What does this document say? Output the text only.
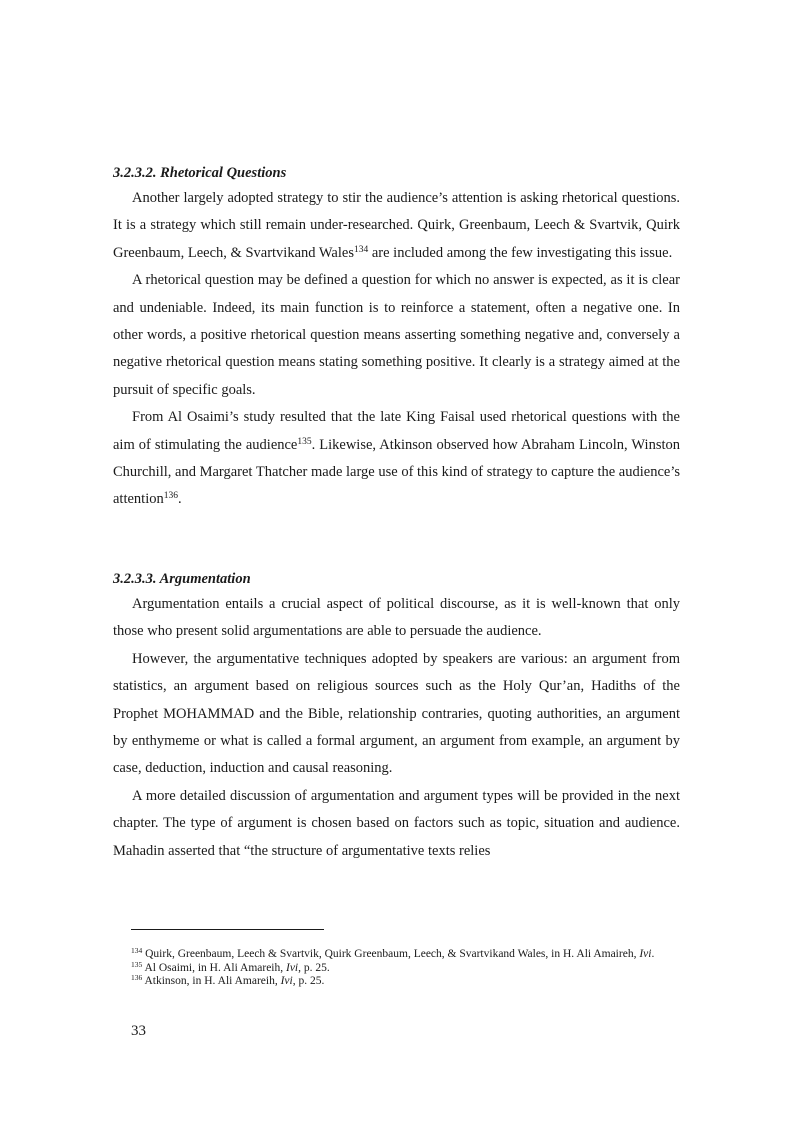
3.2.3.2. Rhetorical Questions

Another largely adopted strategy to stir the audience’s attention is asking rhetorical questions. It is a strategy which still remain under-researched. Quirk, Greenbaum, Leech & Svartvik, Quirk Greenbaum, Leech, & Svartvikand Wales$^{134}$ are included among the few investigating this issue.

A rhetorical question may be defined a question for which no answer is expected, as it is clear and undeniable. Indeed, its main function is to reinforce a statement, often a negative one. In other words, a positive rhetorical question means asserting something negative and, conversely a negative rhetorical question means stating something positive. It clearly is a strategy aimed at the pursuit of specific goals.

From Al Osaimi’s study resulted that the late King Faisal used rhetorical questions with the aim of stimulating the audience$^{135}$. Likewise, Atkinson observed how Abraham Lincoln, Winston Churchill, and Margaret Thatcher made large use of this kind of strategy to capture the audience’s attention$^{136}$.

3.2.3.3. Argumentation

Argumentation entails a crucial aspect of political discourse, as it is well-known that only those who present solid argumentations are able to persuade the audience.

However, the argumentative techniques adopted by speakers are various: an argument from statistics, an argument based on religious sources such as the Holy Qur’an, Hadiths of the Prophet MOHAMMAD and the Bible, relationship contraries, quoting authorities, an argument by enthymeme or what is called a formal argument, an argument from example, an argument by case, deduction, induction and causal reasoning.

A more detailed discussion of argumentation and argument types will be provided in the next chapter. The type of argument is chosen based on factors such as topic, situation and audience. Mahadin asserted that “the structure of argumentative texts relies

$^{134}$ Quirk, Greenbaum, Leech & Svartvik, Quirk Greenbaum, Leech, & Svartvikand Wales, in H. Ali Amaireh, Ivi.

$^{135}$ Al Osaimi, in H. Ali Amareih, Ivi, p. 25.

$^{136}$ Atkinson, in H. Ali Amareih, Ivi, p. 25.

33
